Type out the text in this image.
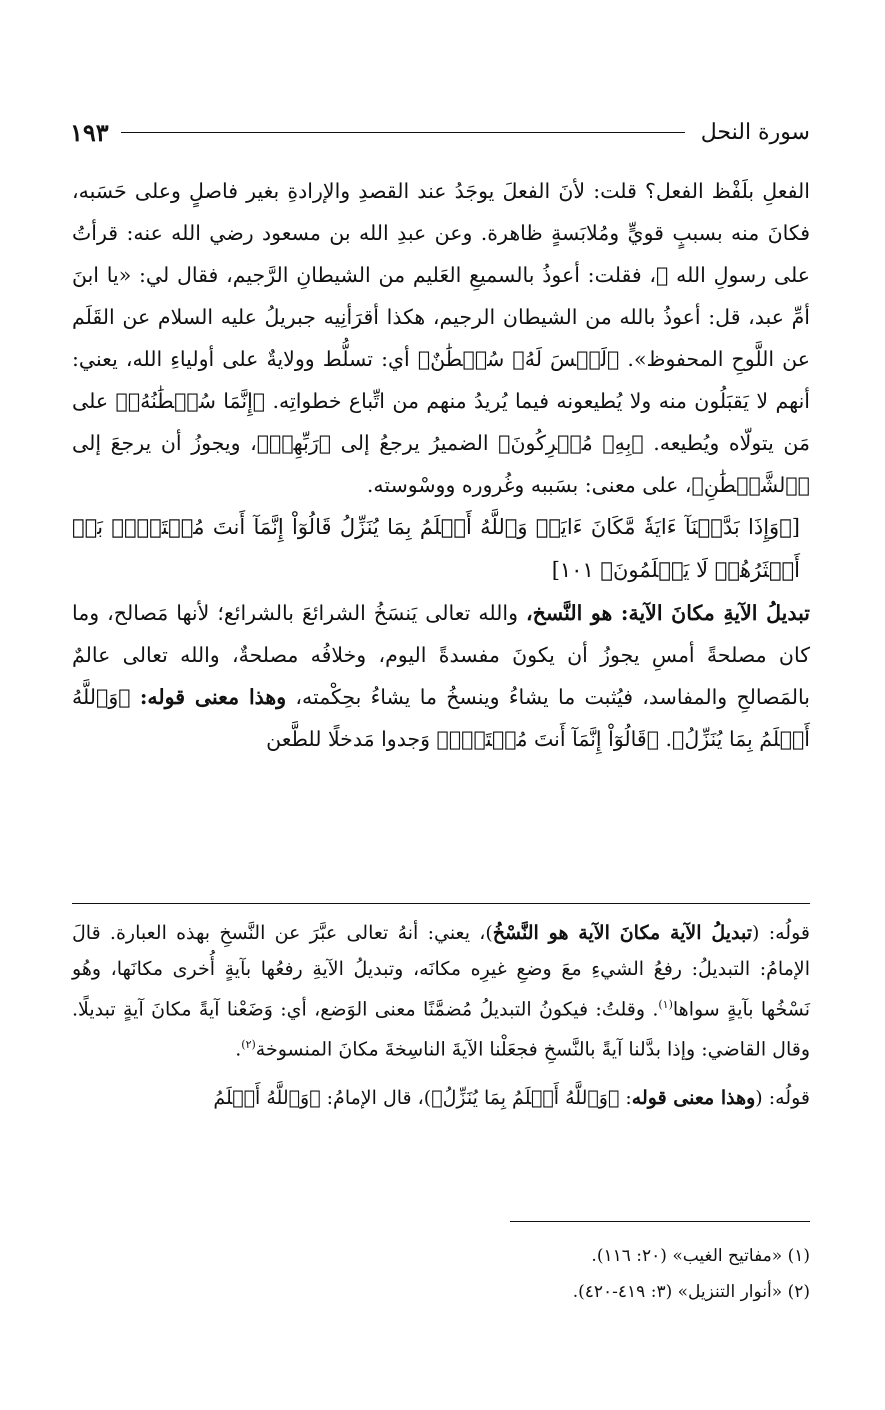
سورة النحل
١٩٣

الفعلِ بلَفْظ الفعل؟ قلت: لأنَ الفعلَ يوجَدُ عند القصدِ والإرادةِ بغير فاصلٍ وعلى حَسَبه، فكانَ منه بسببٍ قويٍّ ومُلابَسةٍ ظاهرة. وعن عبدِ الله بن مسعود رضي الله عنه: قرأتُ على رسولِ الله ﷺ، فقلت: أعوذُ بالسميعِ العَليم من الشيطانِ الرَّجيم، فقال لي: «يا ابنَ أمِّ عبد، قل: أعوذُ بالله من الشيطان الرجيم، هكذا أقرَأنِيه جبريلُ عليه السلام عن القَلَم عن اللَّوحِ المحفوظ». ﴿لَيۡسَ لَهُۥ سُلۡطَٰنٌ﴾ أي: تسلُّط وولايةٌ على أولياءِ الله، يعني: أنهم لا يَقبَلُون منه ولا يُطيعونه فيما يُريدُ منهم من اتِّباع خطواتِه. ﴿إِنَّمَا سُلۡطَٰنُهُۥ﴾ على مَن يتولّاه ويُطيعه. ﴿بِهِۦ مُشۡرِكُونَ﴾ الضميرُ يرجعُ إلى ﴿رَبِّهِمۡ﴾، ويجوزُ أن يرجعَ إلى ﴿ٱلشَّيۡطَٰنِ﴾، على معنى: بسَببه وغُروره ووسْوسته.

[﴿وَإِذَا بَدَّلۡنَآ ءَايَةٗ مَّكَانَ ءَايَةٖ وَٱللَّهُ أَعۡلَمُ بِمَا يُنَزِّلُ قَالُوٓاْ إِنَّمَآ أَنتَ مُفۡتَرِۭۚ بَلۡ أَكۡثَرُهُمۡ لَا يَعۡلَمُونَ﴾ ١٠١]

تبديلُ الآيةِ مكانَ الآية: هو النَّسخ، والله تعالى يَنسَخُ الشرائعَ بالشرائع؛ لأنها مَصالح، وما كان مصلحةً أمسِ يجوزُ أن يكونَ مفسدةً اليوم، وخلافُه مصلحةٌ، والله تعالى عالمٌ بالمَصالحِ والمفاسد، فيُثبت ما يشاءُ وينسخُ ما يشاءُ بحِكْمته، وهذا معنى قوله: ﴿وَٱللَّهُ أَعۡلَمُ بِمَا يُنَزِّلُ﴾. ﴿قَالُوٓاْ إِنَّمَآ أَنتَ مُفۡتَرِۭ﴾ وَجدوا مَدخلًا للطَّعن

قولُه: (تبديلُ الآية مكانَ الآية هو النَّسْخُ)، يعني: أنهُ تعالى عبَّرَ عن النَّسخِ بهذه العبارة. قالَ الإمامُ: التبديلُ: رفعُ الشيءِ معَ وضعِ غيرِه مكانَه، وتبديلُ الآيةِ رفعُها بآيةٍ أُخرى مكانَها، وهُو نَسْخُها بآيةٍ سواها$^{(١)}$. وقلتُ: فيكونُ التبديلُ مُضمَّنًا معنى الوَضع، أي: وَضَعْنا آيةً مكانَ آيةٍ تبديلًا. وقال القاضي: وإذا بدَّلنا آيةً بالنَّسخِ فجعَلْنا الآيةَ الناسِخةَ مكانَ المنسوخة$^{(٢)}$.

قولُه: (وهذا معنى قوله: ﴿وَٱللَّهُ أَعۡلَمُ بِمَا يُنَزِّلُ﴾)، قال الإمامُ: ﴿وَٱللَّهُ أَعۡلَمُ

(١) «مفاتيح الغيب» (٢٠: ١١٦).
(٢) «أنوار التنزيل» (٣: ٤١٩-٤٢٠).
